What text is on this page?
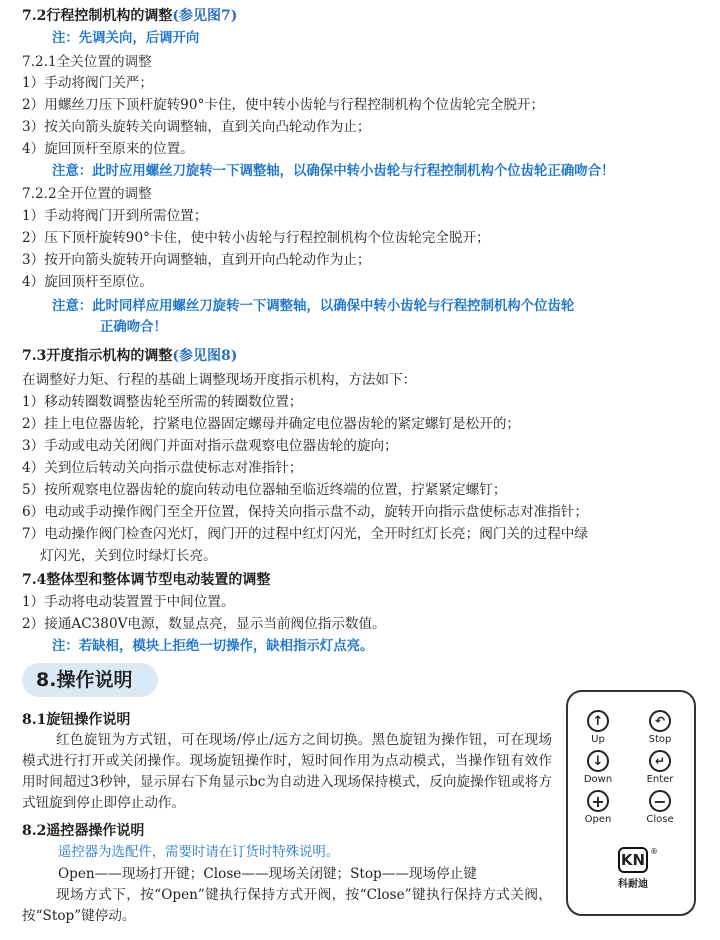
7.2行程控制机构的调整(参见图7)
注：先调关向，后调开向
7.2.1全关位置的调整
1）手动将阀门关严；
2）用螺丝刀压下顶杆旋转90°卡住，使中转小齿轮与行程控制机构个位齿轮完全脱开；
3）按关向箭头旋转关向调整轴，直到关向凸轮动作为止；
4）旋回顶杆至原来的位置。
注意：此时应用螺丝刀旋转一下调整轴，以确保中转小齿轮与行程控制机构个位齿轮正确吻合！
7.2.2全开位置的调整
1）手动将阀门开到所需位置；
2）压下顶杆旋转90°卡住，使中转小齿轮与行程控制机构个位齿轮完全脱开；
3）按开向箭头旋转开向调整轴，直到开向凸轮动作为止；
4）旋回顶杆至原位。
注意：此时同样应用螺丝刀旋转一下调整轴，以确保中转小齿轮与行程控制机构个位齿轮
正确吻合！
7.3开度指示机构的调整(参见图8)
在调整好力矩、行程的基础上调整现场开度指示机构，方法如下：
1）移动转圈数调整齿轮至所需的转圈数位置；
2）挂上电位器齿轮，拧紧电位器固定螺母并确定电位器齿轮的紧定螺钉是松开的；
3）手动或电动关闭阀门并面对指示盘观察电位器齿轮的旋向；
4）关到位后转动关向指示盘使标志对准指针；
5）按所观察电位器齿轮的旋向转动电位器轴至临近终端的位置，拧紧紧定螺钉；
6）电动或手动操作阀门至全开位置，保持关向指示盘不动，旋转开向指示盘使标志对准指针；
7）电动操作阀门检查闪光灯，阀门开的过程中红灯闪光，全开时红灯长亮；阀门关的过程中绿
灯闪光，关到位时绿灯长亮。
7.4整体型和整体调节型电动装置的调整
1）手动将电动装置置于中间位置。
2）接通AC380V电源，数显点亮，显示当前阀位指示数值。
注：若缺相，模块上拒绝一切操作，缺相指示灯点亮。
8.操作说明
8.1旋钮操作说明
红色旋钮为方式钮，可在现场/停止/远方之间切换。黑色旋钮为操作钮，可在现场模式进行打开或关闭操作。现场旋钮操作时，短时间作用为点动模式，当操作钮有效作用时间超过3秒钟，显示屏右下角显示bc为自动进入现场保持模式，反向旋操作钮或将方式钮旋到停止即停止动作。
8.2遥控器操作说明
遥控器为选配件，需要时请在订货时特殊说明。
Open——现场打开键；Close——现场关闭键；Stop——现场停止键
现场方式下，按“Open”键执行保持方式开阀，按“Close”键执行保持方式关阀，按“Stop”键停动。
↑
Up
↶
Stop
↓
Down
↵
Enter
+
Open
−
Close
KN ®
科耐迪
